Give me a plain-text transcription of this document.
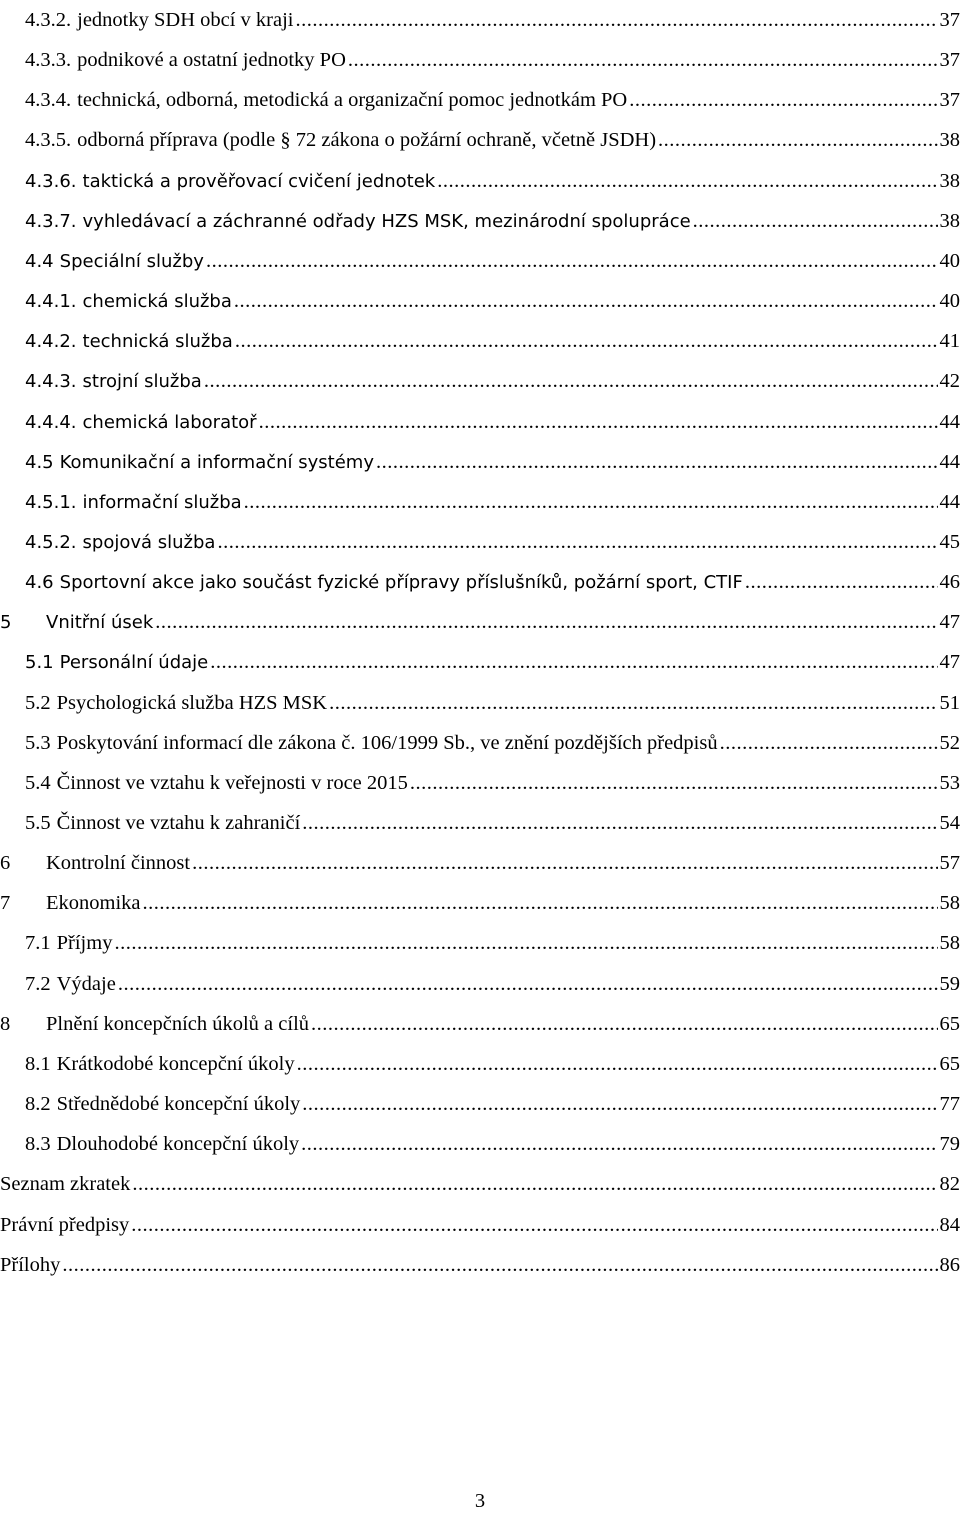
4.3.2. jednotky SDH obcí v kraji .....	37
4.3.3. podnikové a ostatní jednotky PO .....	37
4.3.4. technická, odborná, metodická a organizační pomoc jednotkám PO .....	37
4.3.5. odborná příprava (podle § 72 zákona o požární ochraně, včetně JSDH) .....	38
4.3.6. taktická a prověřovací cvičení jednotek .....	38
4.3.7. vyhledávací a záchranné odřady HZS MSK, mezinárodní spolupráce .....	38
4.4 Speciální služby .....	40
4.4.1. chemická služba .....	40
4.4.2. technická služba .....	41
4.4.3. strojní služba .....	42
4.4.4. chemická laboratoř .....	44
4.5 Komunikační a informační systémy .....	44
4.5.1. informační služba .....	44
4.5.2. spojová služba .....	45
4.6 Sportovní akce jako součást fyzické přípravy příslušníků, požární sport, CTIF .....	46
5	Vnitřní úsek .....	47
5.1 Personální údaje .....	47
5.2 Psychologická služba HZS MSK .....	51
5.3 Poskytování informací dle zákona č. 106/1999 Sb., ve znění pozdějších předpisů .....	52
5.4 Činnost ve vztahu k veřejnosti v roce 2015 .....	53
5.5 Činnost ve vztahu k zahraničí .....	54
6	Kontrolní činnost .....	57
7	Ekonomika .....	58
7.1 Příjmy .....	58
7.2 Výdaje .....	59
8	Plnění koncepčních úkolů a cílů .....	65
8.1 Krátkodobé koncepční úkoly .....	65
8.2 Střednědobé koncepční úkoly .....	77
8.3 Dlouhodobé koncepční úkoly .....	79
Seznam zkratek .....	82
Právní předpisy .....	84
Přílohy .....	86
3
